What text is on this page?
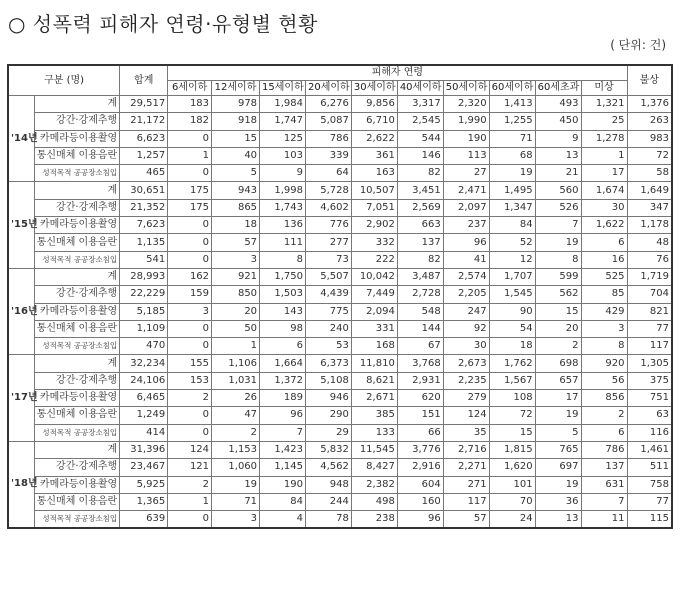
○ 성폭력 피해자 연령·유형별 현황
( 단위: 건)
구분 (명)		합계	피해자 연령										불상
			6세이하	12세이하	15세이하	20세이하	30세이하	40세이하	50세이하	60세이하	60세초과	미상	
'14년	계	29,517	183	978	1,984	6,276	9,856	3,317	2,320	1,413	493	1,321	1,376
	강간·강제추행	21,172	182	918	1,747	5,087	6,710	2,545	1,990	1,255	450	25	263
	카메라등이용촬영	6,623	0	15	125	786	2,622	544	190	71	9	1,278	983
	통신매체 이용음란	1,257	1	40	103	339	361	146	113	68	13	1	72
	성적목적 공공장소침입	465	0	5	9	64	163	82	27	19	21	17	58
'15년	계	30,651	175	943	1,998	5,728	10,507	3,451	2,471	1,495	560	1,674	1,649
	강간·강제추행	21,352	175	865	1,743	4,602	7,051	2,569	2,097	1,347	526	30	347
	카메라등이용촬영	7,623	0	18	136	776	2,902	663	237	84	7	1,622	1,178
	통신매체 이용음란	1,135	0	57	111	277	332	137	96	52	19	6	48
	성적목적 공공장소침입	541	0	3	8	73	222	82	41	12	8	16	76
'16년	계	28,993	162	921	1,750	5,507	10,042	3,487	2,574	1,707	599	525	1,719
	강간·강제추행	22,229	159	850	1,503	4,439	7,449	2,728	2,205	1,545	562	85	704
	카메라등이용촬영	5,185	3	20	143	775	2,094	548	247	90	15	429	821
	통신매체 이용음란	1,109	0	50	98	240	331	144	92	54	20	3	77
	성적목적 공공장소침입	470	0	1	6	53	168	67	30	18	2	8	117
'17년	계	32,234	155	1,106	1,664	6,373	11,810	3,768	2,673	1,762	698	920	1,305
	강간·강제추행	24,106	153	1,031	1,372	5,108	8,621	2,931	2,235	1,567	657	56	375
	카메라등이용촬영	6,465	2	26	189	946	2,671	620	279	108	17	856	751
	통신매체 이용음란	1,249	0	47	96	290	385	151	124	72	19	2	63
	성적목적 공공장소침입	414	0	2	7	29	133	66	35	15	5	6	116
'18년	계	31,396	124	1,153	1,423	5,832	11,545	3,776	2,716	1,815	765	786	1,461
	강간·강제추행	23,467	121	1,060	1,145	4,562	8,427	2,916	2,271	1,620	697	137	511
	카메라등이용촬영	5,925	2	19	190	948	2,382	604	271	101	19	631	758
	통신매체 이용음란	1,365	1	71	84	244	498	160	117	70	36	7	77
	성적목적 공공장소침입	639	0	3	4	78	238	96	57	24	13	11	115
